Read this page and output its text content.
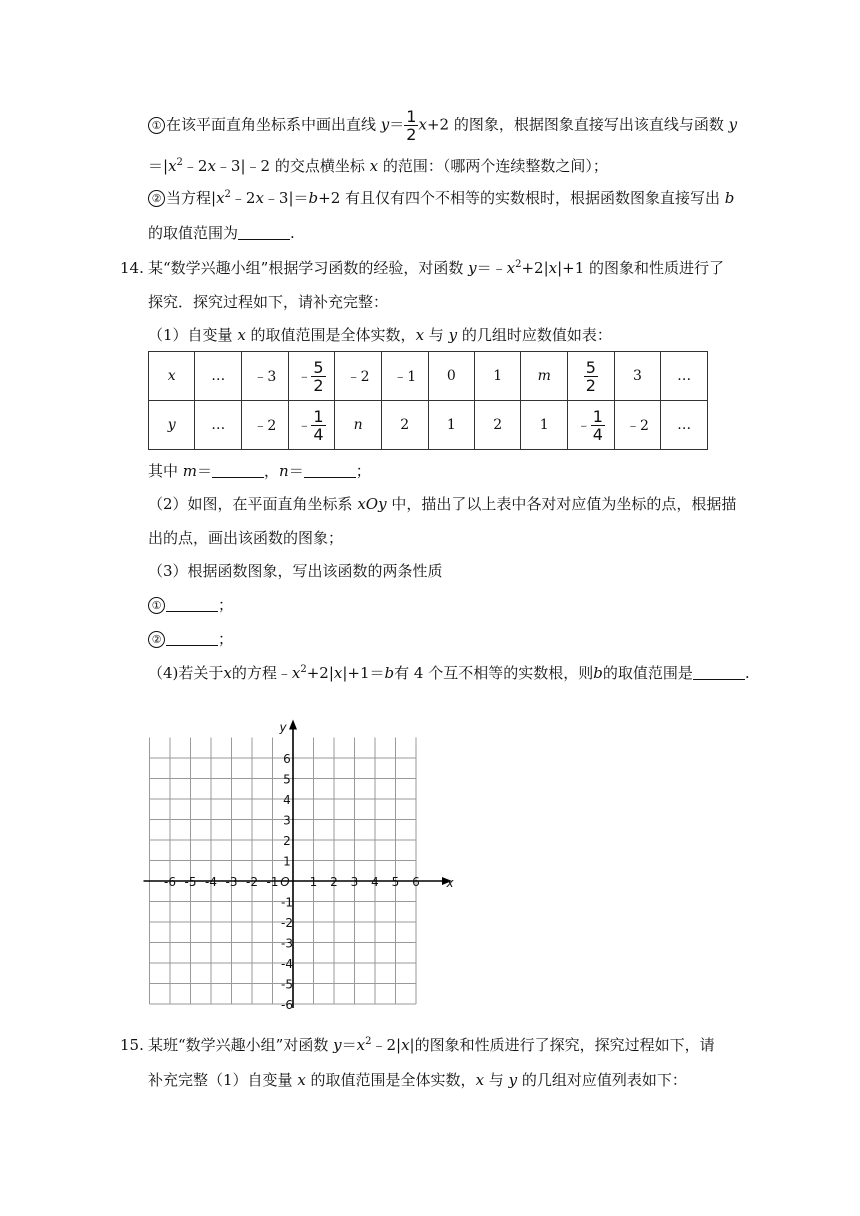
① 在该平面直角坐标系中画出直线 $y= \frac{1}{2} x+2$ 的图象，根据图象直接写出该直线与函数 y
$=|x^2﹣2x﹣3|﹣2$ 的交点横坐标 x 的范围：（哪两个连续整数之间）；
② 当方程$|x^2﹣2x﹣3|=b+2$ 有且仅有四个不相等的实数根时，根据函数图象直接写出 b
的取值范围为	.
14. 某“数学兴趣小组”根据学习函数的经验，对函数 $y=﹣x^2+2|x|+1$ 的图象和性质进行了
探究．探究过程如下，请补充完整：
（1）自变量 x 的取值范围是全体实数，x 与 y 的几组时应数值如表：
x	…	﹣3	﹣ $\frac{5}{2}$	﹣2	﹣1	0	1	m	$\frac{5}{2}$	3	…
y	…	﹣2	﹣ $\frac{1}{4}$	n	2	1	2	1	﹣ $\frac{1}{4}$	﹣2	…
其中 m＝	，n＝	；
（2）如图，在平面直角坐标系 xOy 中，描出了以上表中各对对应值为坐标的点，根据描
出的点，画出该函数的图象；
（3）根据函数图象，写出该函数的两条性质
①	；
②	；
（4)若关于x的方程$﹣x^2+2|x|+1=b$有 4 个互不相等的实数根，则b的取值范围是	.
-6 -5 -4 -3 -2 -1	1 2 3 4 5 6
1
2
3
4
5
6
-1
-2
-3
-4
-5
-6
O	x
y
15. 某班“数学兴趣小组”对函数 $y=x^2﹣2|x|$的图象和性质进行了探究，探究过程如下，请
补充完整（1）自变量 x 的取值范围是全体实数，x 与 y 的几组对应值列表如下：
